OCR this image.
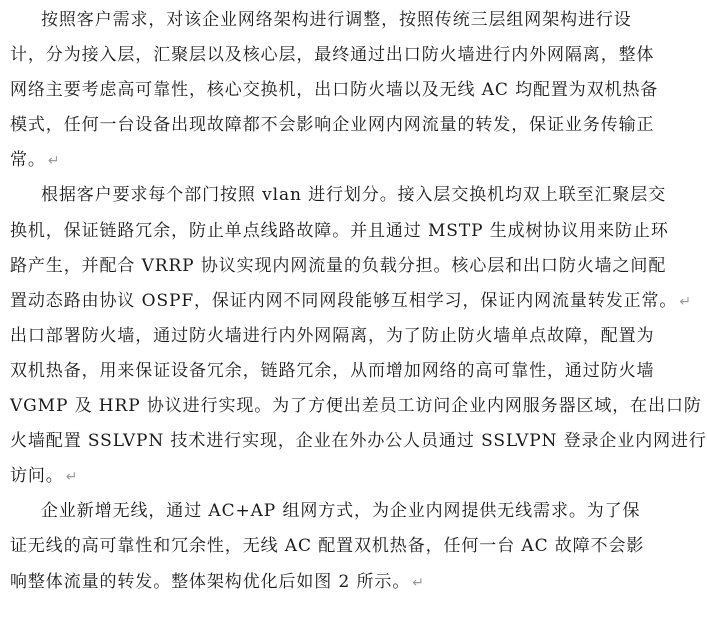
按照客户需求，对该企业网络架构进行调整，按照传统三层组网架构进行设
计，分为接入层，汇聚层以及核心层，最终通过出口防火墙进行内外网隔离，整体
网络主要考虑高可靠性，核心交换机，出口防火墙以及无线 AC 均配置为双机热备
模式，任何一台设备出现故障都不会影响企业网内网流量的转发，保证业务传输正
常。 ↵
根据客户要求每个部门按照 vlan 进行划分。接入层交换机均双上联至汇聚层交
换机，保证链路冗余，防止单点线路故障。并且通过 MSTP 生成树协议用来防止环
路产生，并配合 VRRP 协议实现内网流量的负载分担。核心层和出口防火墙之间配
置动态路由协议 OSPF，保证内网不同网段能够互相学习，保证内网流量转发正常。 ↵
出口部署防火墙，通过防火墙进行内外网隔离，为了防止防火墙单点故障，配置为
双机热备，用来保证设备冗余，链路冗余，从而增加网络的高可靠性，通过防火墙
VGMP 及 HRP 协议进行实现。为了方便出差员工访问企业内网服务器区域，在出口防
火墙配置 SSLVPN 技术进行实现，企业在外办公人员通过 SSLVPN 登录企业内网进行
访问。 ↵
企业新增无线，通过 AC+AP 组网方式，为企业内网提供无线需求。为了保
证无线的高可靠性和冗余性，无线 AC 配置双机热备，任何一台 AC 故障不会影
响整体流量的转发。整体架构优化后如图 2 所示。 ↵
